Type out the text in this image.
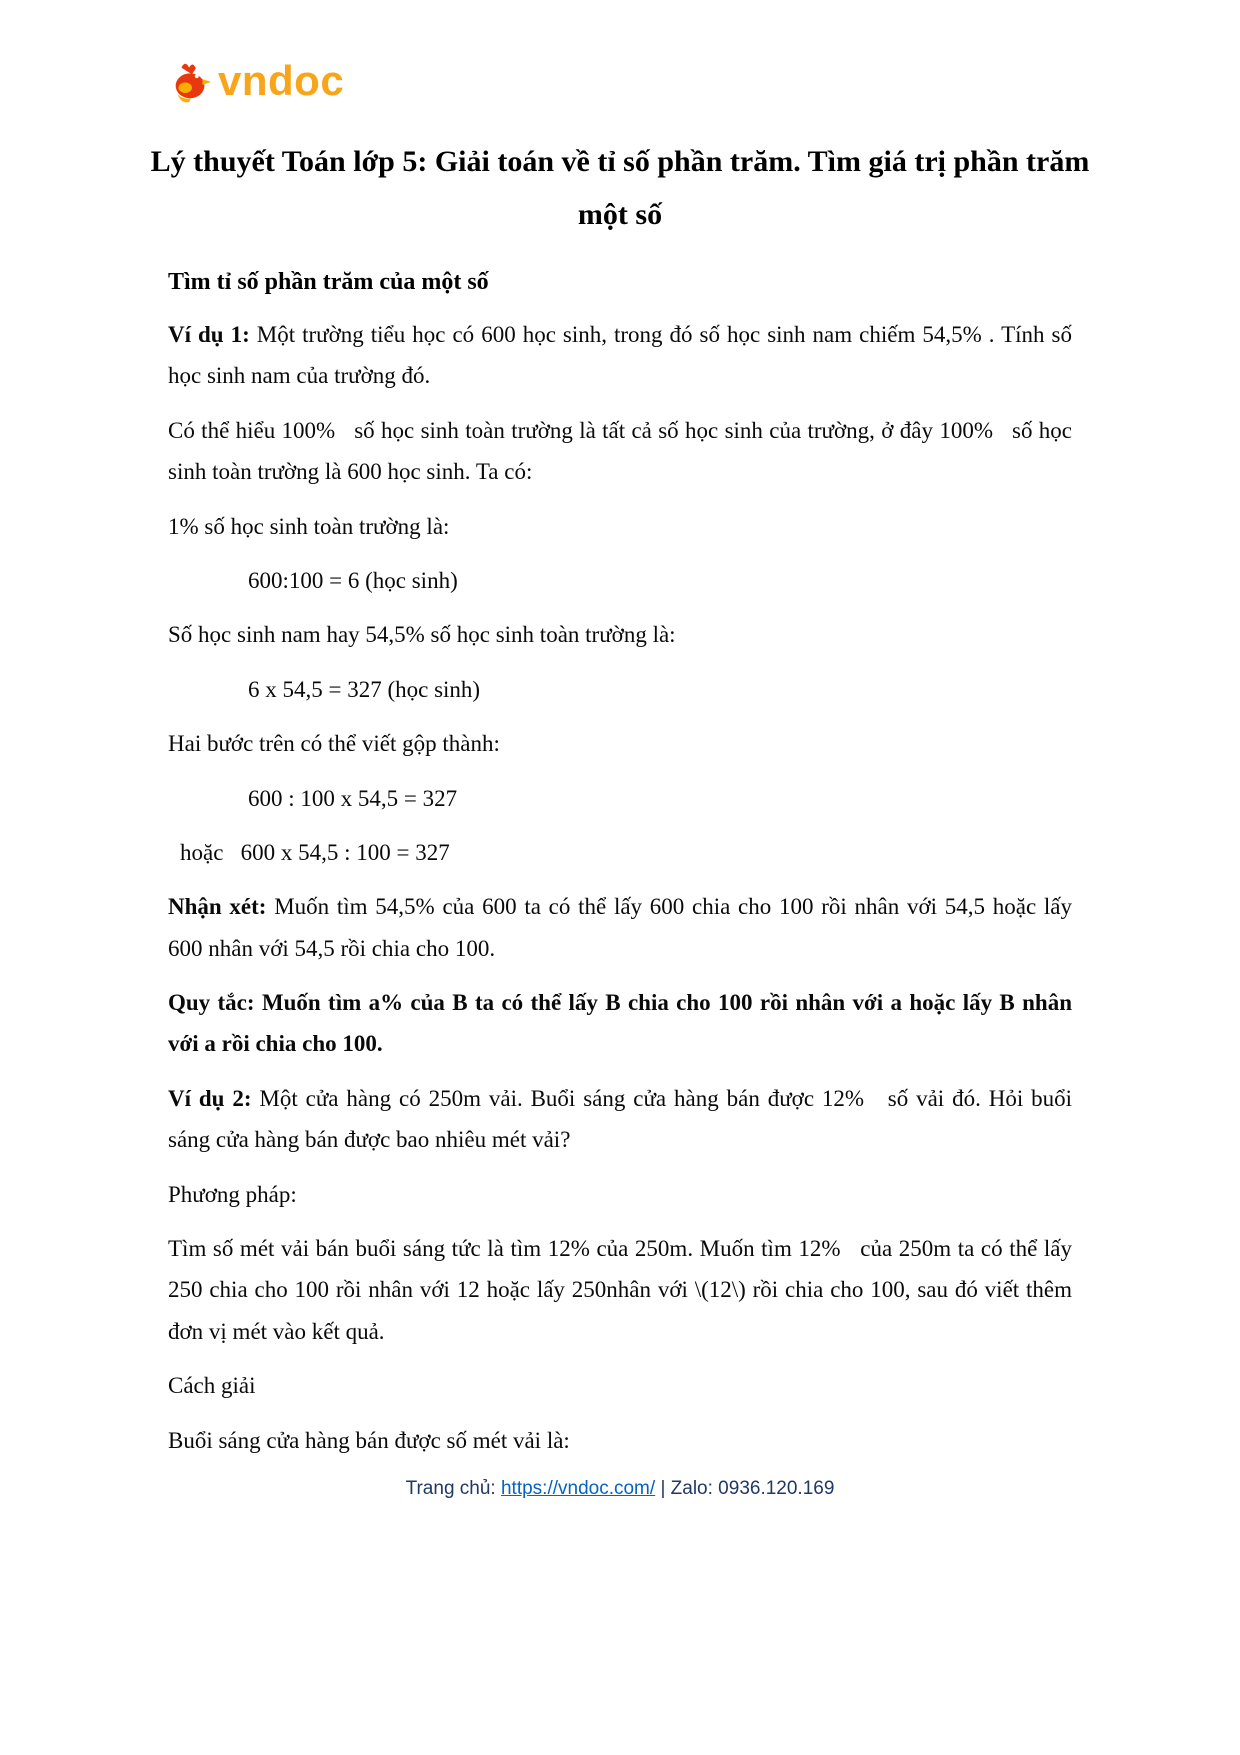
vndoc
Lý thuyết Toán lớp 5: Giải toán về tỉ số phần trăm. Tìm giá trị phần trăm một số
Tìm tỉ số phần trăm của một số

Ví dụ 1: Một trường tiểu học có 600 học sinh, trong đó số học sinh nam chiếm 54,5% . Tính số học sinh nam của trường đó.

Có thể hiểu 100%   số học sinh toàn trường là tất cả số học sinh của trường, ở đây 100%   số học sinh toàn trường là 600 học sinh. Ta có:

1% số học sinh toàn trường là:

600:100 = 6 (học sinh)

Số học sinh nam hay 54,5% số học sinh toàn trường là:

6 x 54,5 = 327 (học sinh)

Hai bước trên có thể viết gộp thành:

600 : 100 x 54,5 = 327

hoặc   600 x 54,5 : 100 = 327

Nhận xét: Muốn tìm 54,5% của 600 ta có thể lấy 600 chia cho 100 rồi nhân với 54,5 hoặc lấy 600 nhân với 54,5 rồi chia cho 100.

Quy tắc: Muốn tìm a% của B ta có thể lấy B chia cho 100 rồi nhân với a hoặc lấy B nhân với a rồi chia cho 100.

Ví dụ 2: Một cửa hàng có 250m vải. Buổi sáng cửa hàng bán được 12%   số vải đó. Hỏi buổi sáng cửa hàng bán được bao nhiêu mét vải?

Phương pháp:

Tìm số mét vải bán buổi sáng tức là tìm 12% của 250m. Muốn tìm 12%   của 250m ta có thể lấy 250 chia cho 100 rồi nhân với 12 hoặc lấy 250nhân với \(12\) rồi chia cho 100, sau đó viết thêm đơn vị mét vào kết quả.

Cách giải

Buổi sáng cửa hàng bán được số mét vải là:

Trang chủ: https://vndoc.com/ | Zalo: 0936.120.169
